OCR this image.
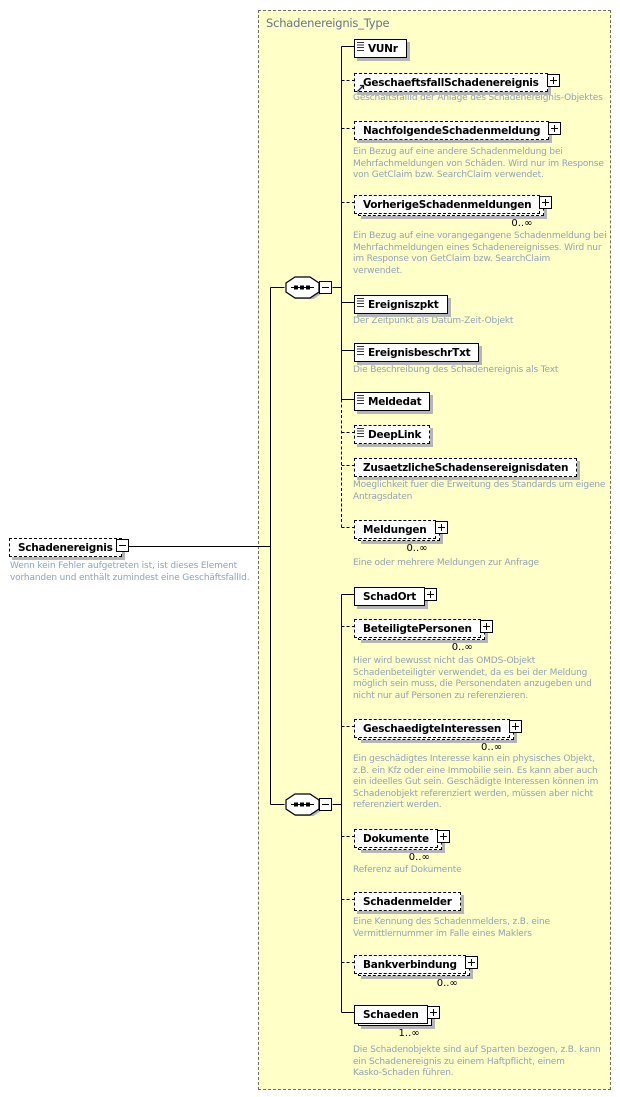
Schadenereignis_Type
Schadenereignis
Wenn kein Fehler aufgetreten ist, ist dieses Element
vorhanden und enthält zumindest eine GeschäftsfallId.
VUNr
GeschaeftsfallSchadenereignis
GeschäftsfallId der Anlage des Schadenereignis-Objektes
NachfolgendeSchadenmeldung
Ein Bezug auf eine andere Schadenmeldung bei
Mehrfachmeldungen von Schäden. Wird nur im Response
von GetClaim bzw. SearchClaim verwendet.
VorherigeSchadenmeldungen
0..∞
Ein Bezug auf eine vorangegangene Schadenmeldung bei
Mehrfachmeldungen eines Schadenereignisses. Wird nur
im Response von GetClaim bzw. SearchClaim
verwendet.
Ereigniszpkt
Der Zeitpunkt als Datum-Zeit-Objekt
EreignisbeschrTxt
Die Beschreibung des Schadenereignis als Text
Meldedat
DeepLink
ZusaetzlicheSchadensereignisdaten
Moeglichkeit fuer die Erweitung des Standards um eigene
Antragsdaten
Meldungen
0..∞
Eine oder mehrere Meldungen zur Anfrage
SchadOrt
BeteiligtePersonen
0..∞
Hier wird bewusst nicht das OMDS-Objekt
Schadenbeteiligter verwendet, da es bei der Meldung
möglich sein muss, die Personendaten anzugeben und
nicht nur auf Personen zu referenzieren.
GeschaedigteInteressen
0..∞
Ein geschädigtes Interesse kann ein physisches Objekt,
z.B. ein Kfz oder eine Immobilie sein. Es kann aber auch
ein ideelles Gut sein. Geschädigte Interessen können im
Schadenobjekt referenziert werden, müssen aber nicht
referenziert werden.
Dokumente
0..∞
Referenz auf Dokumente
Schadenmelder
Eine Kennung des Schadenmelders, z.B. eine
Vermittlernummer im Falle eines Maklers
Bankverbindung
0..∞
Schaeden
1..∞
Die Schadenobjekte sind auf Sparten bezogen, z.B. kann
ein Schadenereignis zu einem Haftpflicht, einem
Kasko-Schaden führen.
